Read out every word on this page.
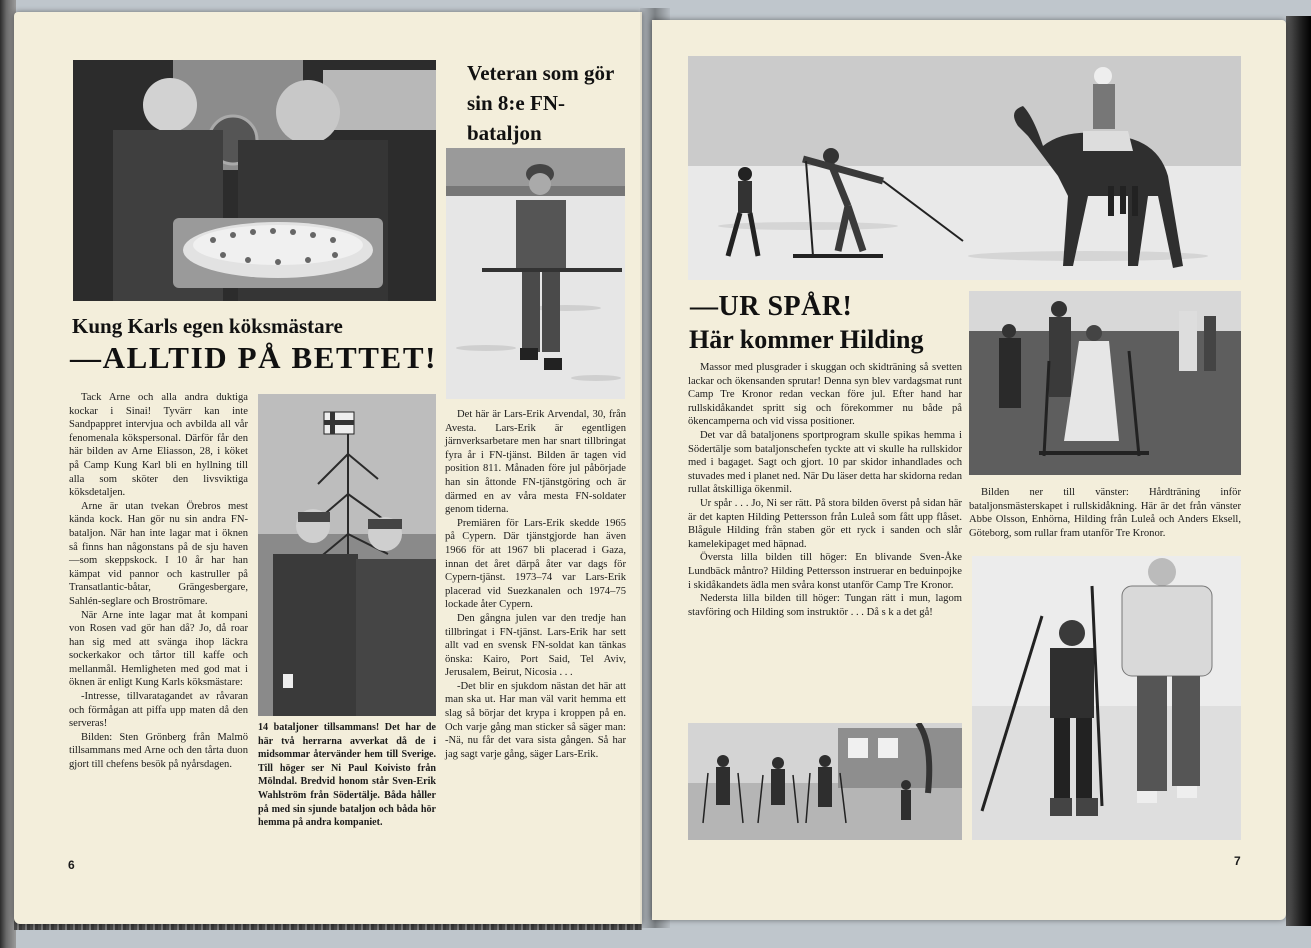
Kung Karls egen köksmästare
—ALLTID PÅ BETTET!

Tack Arne och alla andra duktiga kockar i Sinai! Tyvärr kan inte Sandpappret intervjua och avbilda all vår fenomenala kökspersonal. Därför får den här bilden av Arne Eliasson, 28, i köket på Camp Kung Karl bli en hyllning till alla som sköter den livsviktiga köksdetaljen.

Arne är utan tvekan Örebros mest kända kock. Han gör nu sin andra FN-bataljon. När han inte lagar mat i öknen så finns han någonstans på de sju haven—som skeppskock. I 10 år har han kämpat vid pannor och kastruller på Transatlantic-båtar, Grängesbergare, Sahlén-seglare och Broströmare.

När Arne inte lagar mat åt kompani von Rosen vad gör han då? Jo, då roar han sig med att svänga ihop läckra sockerkakor och tårtor till kaffe och mellanmål. Hemligheten med god mat i öknen är enligt Kung Karls köksmästare:

-Intresse, tillvaratagandet av råvaran och förmågan att piffa upp maten då den serveras!

Bilden: Sten Grönberg från Malmö tillsammans med Arne och den tårta duon gjort till chefens besök på nyårsdagen.

14 bataljoner tillsammans! Det har de här två herrarna avverkat då de i midsommar återvänder hem till Sverige. Till höger ser Ni Paul Koivisto från Mölndal. Bredvid honom står Sven-Erik Wahlström från Södertälje. Båda håller på med sin sjunde bataljon och båda hör hemma på andra kompaniet.
Veteran som gör sin 8:e FN-bataljon

Det här är Lars-Erik Arvendal, 30, från Avesta. Lars-Erik är egentligen järnverksarbetare men har snart tillbringat fyra år i FN-tjänst. Bilden är tagen vid position 811. Månaden före jul påbörjade han sin åttonde FN-tjänstgöring och är därmed en av våra mesta FN-soldater genom tiderna.

Premiären för Lars-Erik skedde 1965 på Cypern. Där tjänstgjorde han även 1966 för att 1967 bli placerad i Gaza, innan det året därpå åter var dags för Cypern-tjänst. 1973–74 var Lars-Erik placerad vid Suezkanalen och 1974–75 lockade åter Cypern.

Den gångna julen var den tredje han tillbringat i FN-tjänst. Lars-Erik har sett allt vad en svensk FN-soldat kan tänkas önska: Kairo, Port Said, Tel Aviv, Jerusalem, Beirut, Nicosia . . .

-Det blir en sjukdom nästan det här att man ska ut. Har man väl varit hemma ett slag så börjar det krypa i kroppen på en. Och varje gång man sticker så säger man: -Nä, nu får det vara sista gången. Så har jag sagt varje gång, säger Lars-Erik.

6
—UR SPÅR!
Här kommer Hilding

Massor med plusgrader i skuggan och skidträning så svetten lackar och ökensanden sprutar! Denna syn blev vardagsmat runt Camp Tre Kronor redan veckan före jul. Efter hand har rullskidåkandet spritt sig och förekommer nu både på ökencamperna och vid vissa positioner.

Det var då bataljonens sportprogram skulle spikas hemma i Södertälje som bataljonschefen tyckte att vi skulle ha rullskidor med i bagaget. Sagt och gjort. 10 par skidor inhandlades och stuvades med i planet ned. När Du läser detta har skidorna redan rullat åtskilliga ökenmil.

Ur spår . . . Jo, Ni ser rätt. På stora bilden överst på sidan här är det kapten Hilding Pettersson från Luleå som fått upp flåset. Blågule Hilding från staben gör ett ryck i sanden och slår kamelekipaget med häpnad.

Översta lilla bilden till höger: En blivande Sven-Åke Lundbäck måntro? Hilding Pettersson instruerar en beduinpojke i skidåkandets ädla men svåra konst utanför Camp Tre Kronor.

Nedersta lilla bilden till höger: Tungan rätt i mun, lagom stavföring och Hilding som instruktör . . . Då s k a det gå!

Bilden ner till vänster: Hårdträning inför bataljonsmästerskapet i rullskidåkning. Här är det från vänster Abbe Olsson, Enhörna, Hilding från Luleå och Anders Eksell, Göteborg, som rullar fram utanför Tre Kronor.

7
